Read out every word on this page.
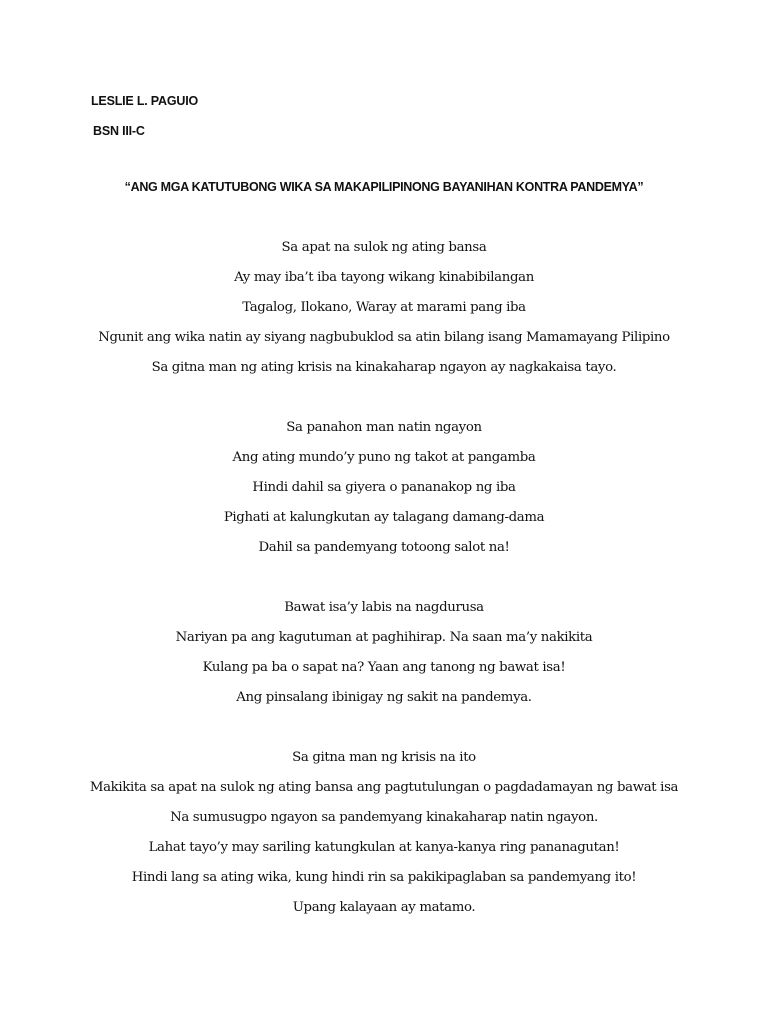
LESLIE L. PAGUIO
BSN III-C
“ANG MGA KATUTUBONG WIKA SA MAKAPILIPINONG BAYANIHAN KONTRA PANDEMYA”
Sa apat na sulok ng ating bansa
Ay may iba’t iba tayong wikang kinabibilangan
Tagalog, Ilokano, Waray at marami pang iba
Ngunit ang wika natin ay siyang nagbubuklod sa atin bilang isang Mamamayang Pilipino
Sa gitna man ng ating krisis na kinakaharap ngayon ay nagkakaisa tayo.
Sa panahon man natin ngayon
Ang ating mundo’y puno ng takot at pangamba
Hindi dahil sa giyera o pananakop ng iba
Pighati at kalungkutan ay talagang damang-dama
Dahil sa pandemyang totoong salot na!
Bawat isa’y labis na nagdurusa
Nariyan pa ang kagutuman at paghihirap. Na saan ma’y nakikita
Kulang pa ba o sapat na? Yaan ang tanong ng bawat isa!
Ang pinsalang ibinigay ng sakit na pandemya.
Sa gitna man ng krisis na ito
Makikita sa apat na sulok ng ating bansa ang pagtutulungan o pagdadamayan ng bawat isa
Na sumusugpo ngayon sa pandemyang kinakaharap natin ngayon.
Lahat tayo’y may sariling katungkulan at kanya-kanya ring pananagutan!
Hindi lang sa ating wika, kung hindi rin sa pakikipaglaban sa pandemyang ito!
Upang kalayaan ay matamo.
